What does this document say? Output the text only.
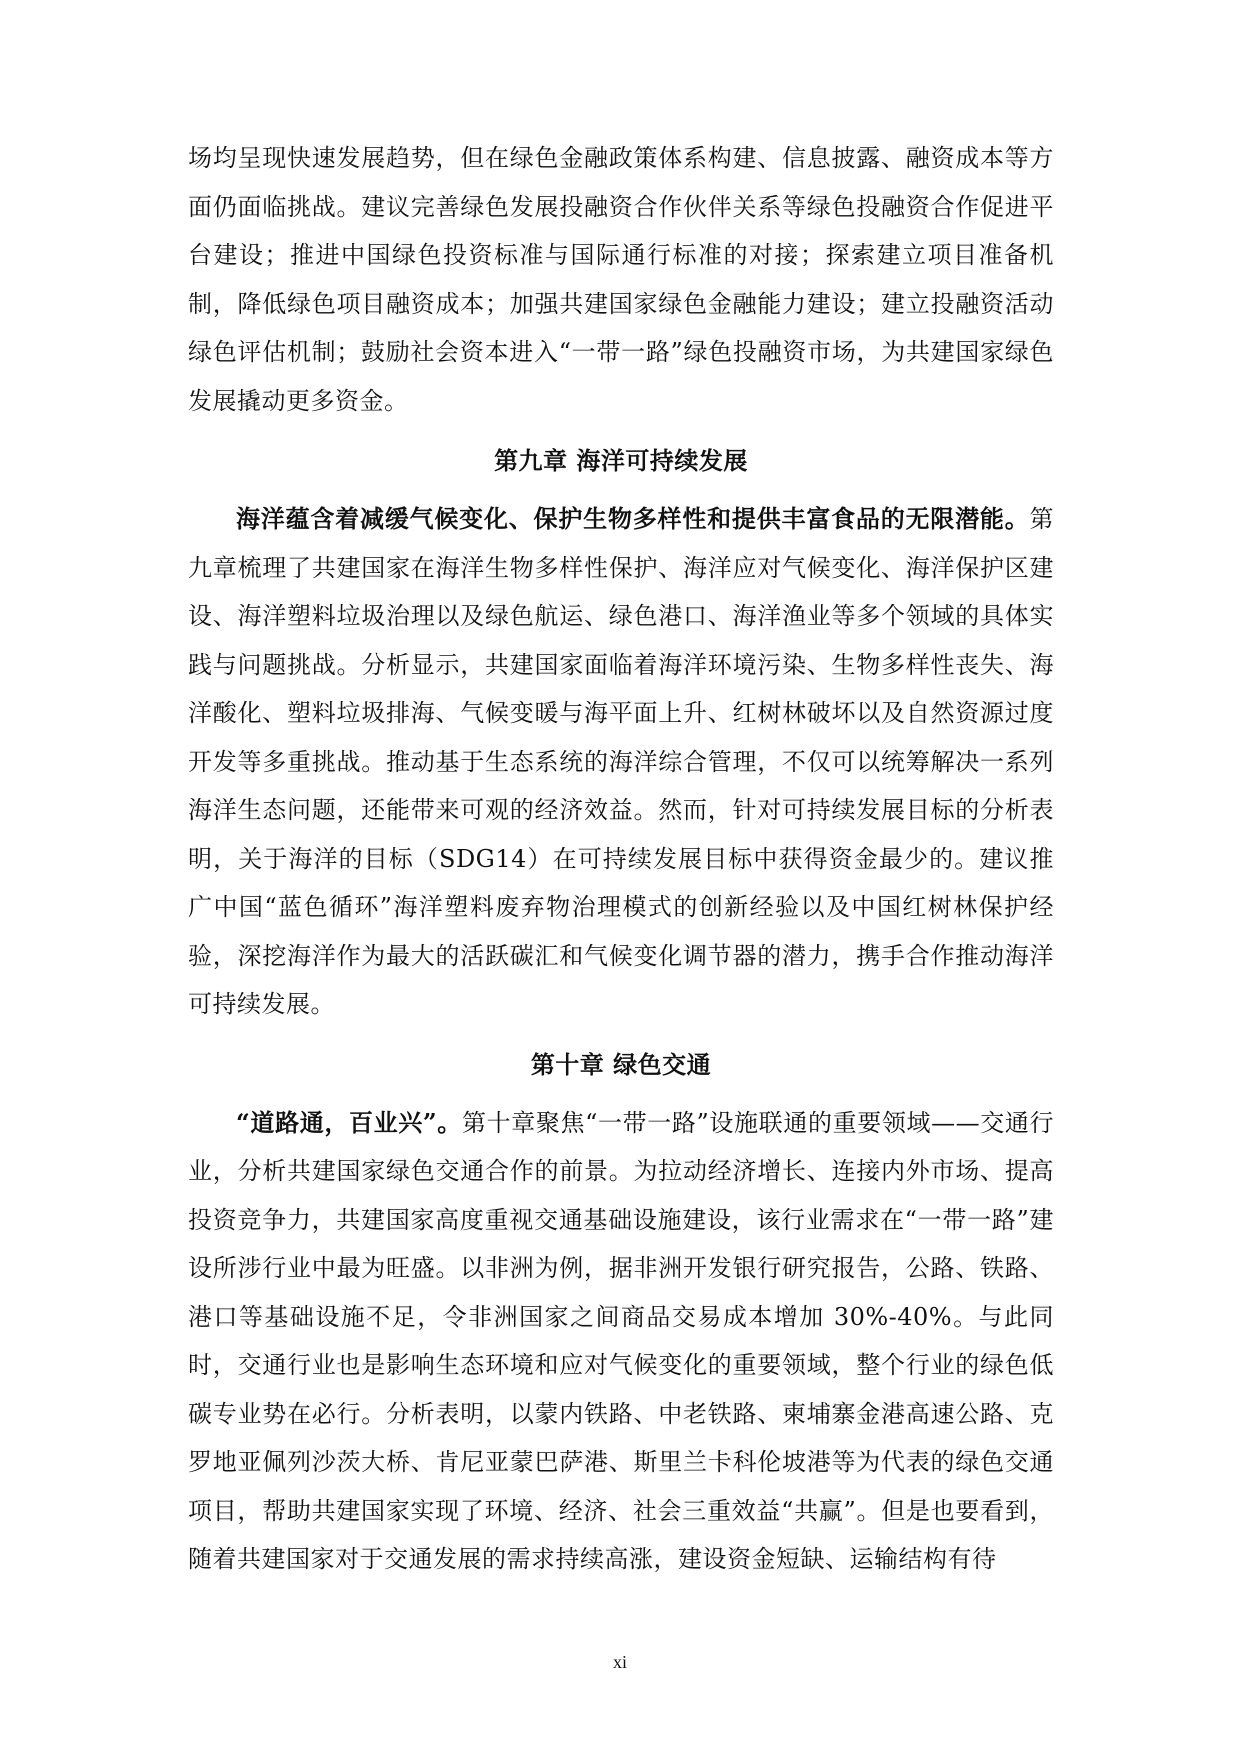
场均呈现快速发展趋势，但在绿色金融政策体系构建、信息披露、融资成本等方面仍面临挑战。建议完善绿色发展投融资合作伙伴关系等绿色投融资合作促进平台建设；推进中国绿色投资标准与国际通行标准的对接；探索建立项目准备机制，降低绿色项目融资成本；加强共建国家绿色金融能力建设；建立投融资活动绿色评估机制；鼓励社会资本进入“一带一路”绿色投融资市场，为共建国家绿色发展撬动更多资金。

第九章 海洋可持续发展

海洋蕴含着减缓气候变化、保护生物多样性和提供丰富食品的无限潜能。第九章梳理了共建国家在海洋生物多样性保护、海洋应对气候变化、海洋保护区建设、海洋塑料垃圾治理以及绿色航运、绿色港口、海洋渔业等多个领域的具体实践与问题挑战。分析显示，共建国家面临着海洋环境污染、生物多样性丧失、海洋酸化、塑料垃圾排海、气候变暖与海平面上升、红树林破坏以及自然资源过度开发等多重挑战。推动基于生态系统的海洋综合管理，不仅可以统筹解决一系列海洋生态问题，还能带来可观的经济效益。然而，针对可持续发展目标的分析表明，关于海洋的目标（SDG14）在可持续发展目标中获得资金最少的。建议推广中国“蓝色循环”海洋塑料废弃物治理模式的创新经验以及中国红树林保护经验，深挖海洋作为最大的活跃碳汇和气候变化调节器的潜力，携手合作推动海洋可持续发展。

第十章 绿色交通

“道路通，百业兴”。第十章聚焦“一带一路”设施联通的重要领域——交通行业，分析共建国家绿色交通合作的前景。为拉动经济增长、连接内外市场、提高投资竞争力，共建国家高度重视交通基础设施建设，该行业需求在“一带一路”建设所涉行业中最为旺盛。以非洲为例，据非洲开发银行研究报告，公路、铁路、港口等基础设施不足，令非洲国家之间商品交易成本增加 30%-40%。与此同时，交通行业也是影响生态环境和应对气候变化的重要领域，整个行业的绿色低碳专业势在必行。分析表明，以蒙内铁路、中老铁路、柬埔寨金港高速公路、克罗地亚佩列沙茨大桥、肯尼亚蒙巴萨港、斯里兰卡科伦坡港等为代表的绿色交通项目，帮助共建国家实现了环境、经济、社会三重效益“共赢”。但是也要看到，随着共建国家对于交通发展的需求持续高涨，建设资金短缺、运输结构有待

xi
